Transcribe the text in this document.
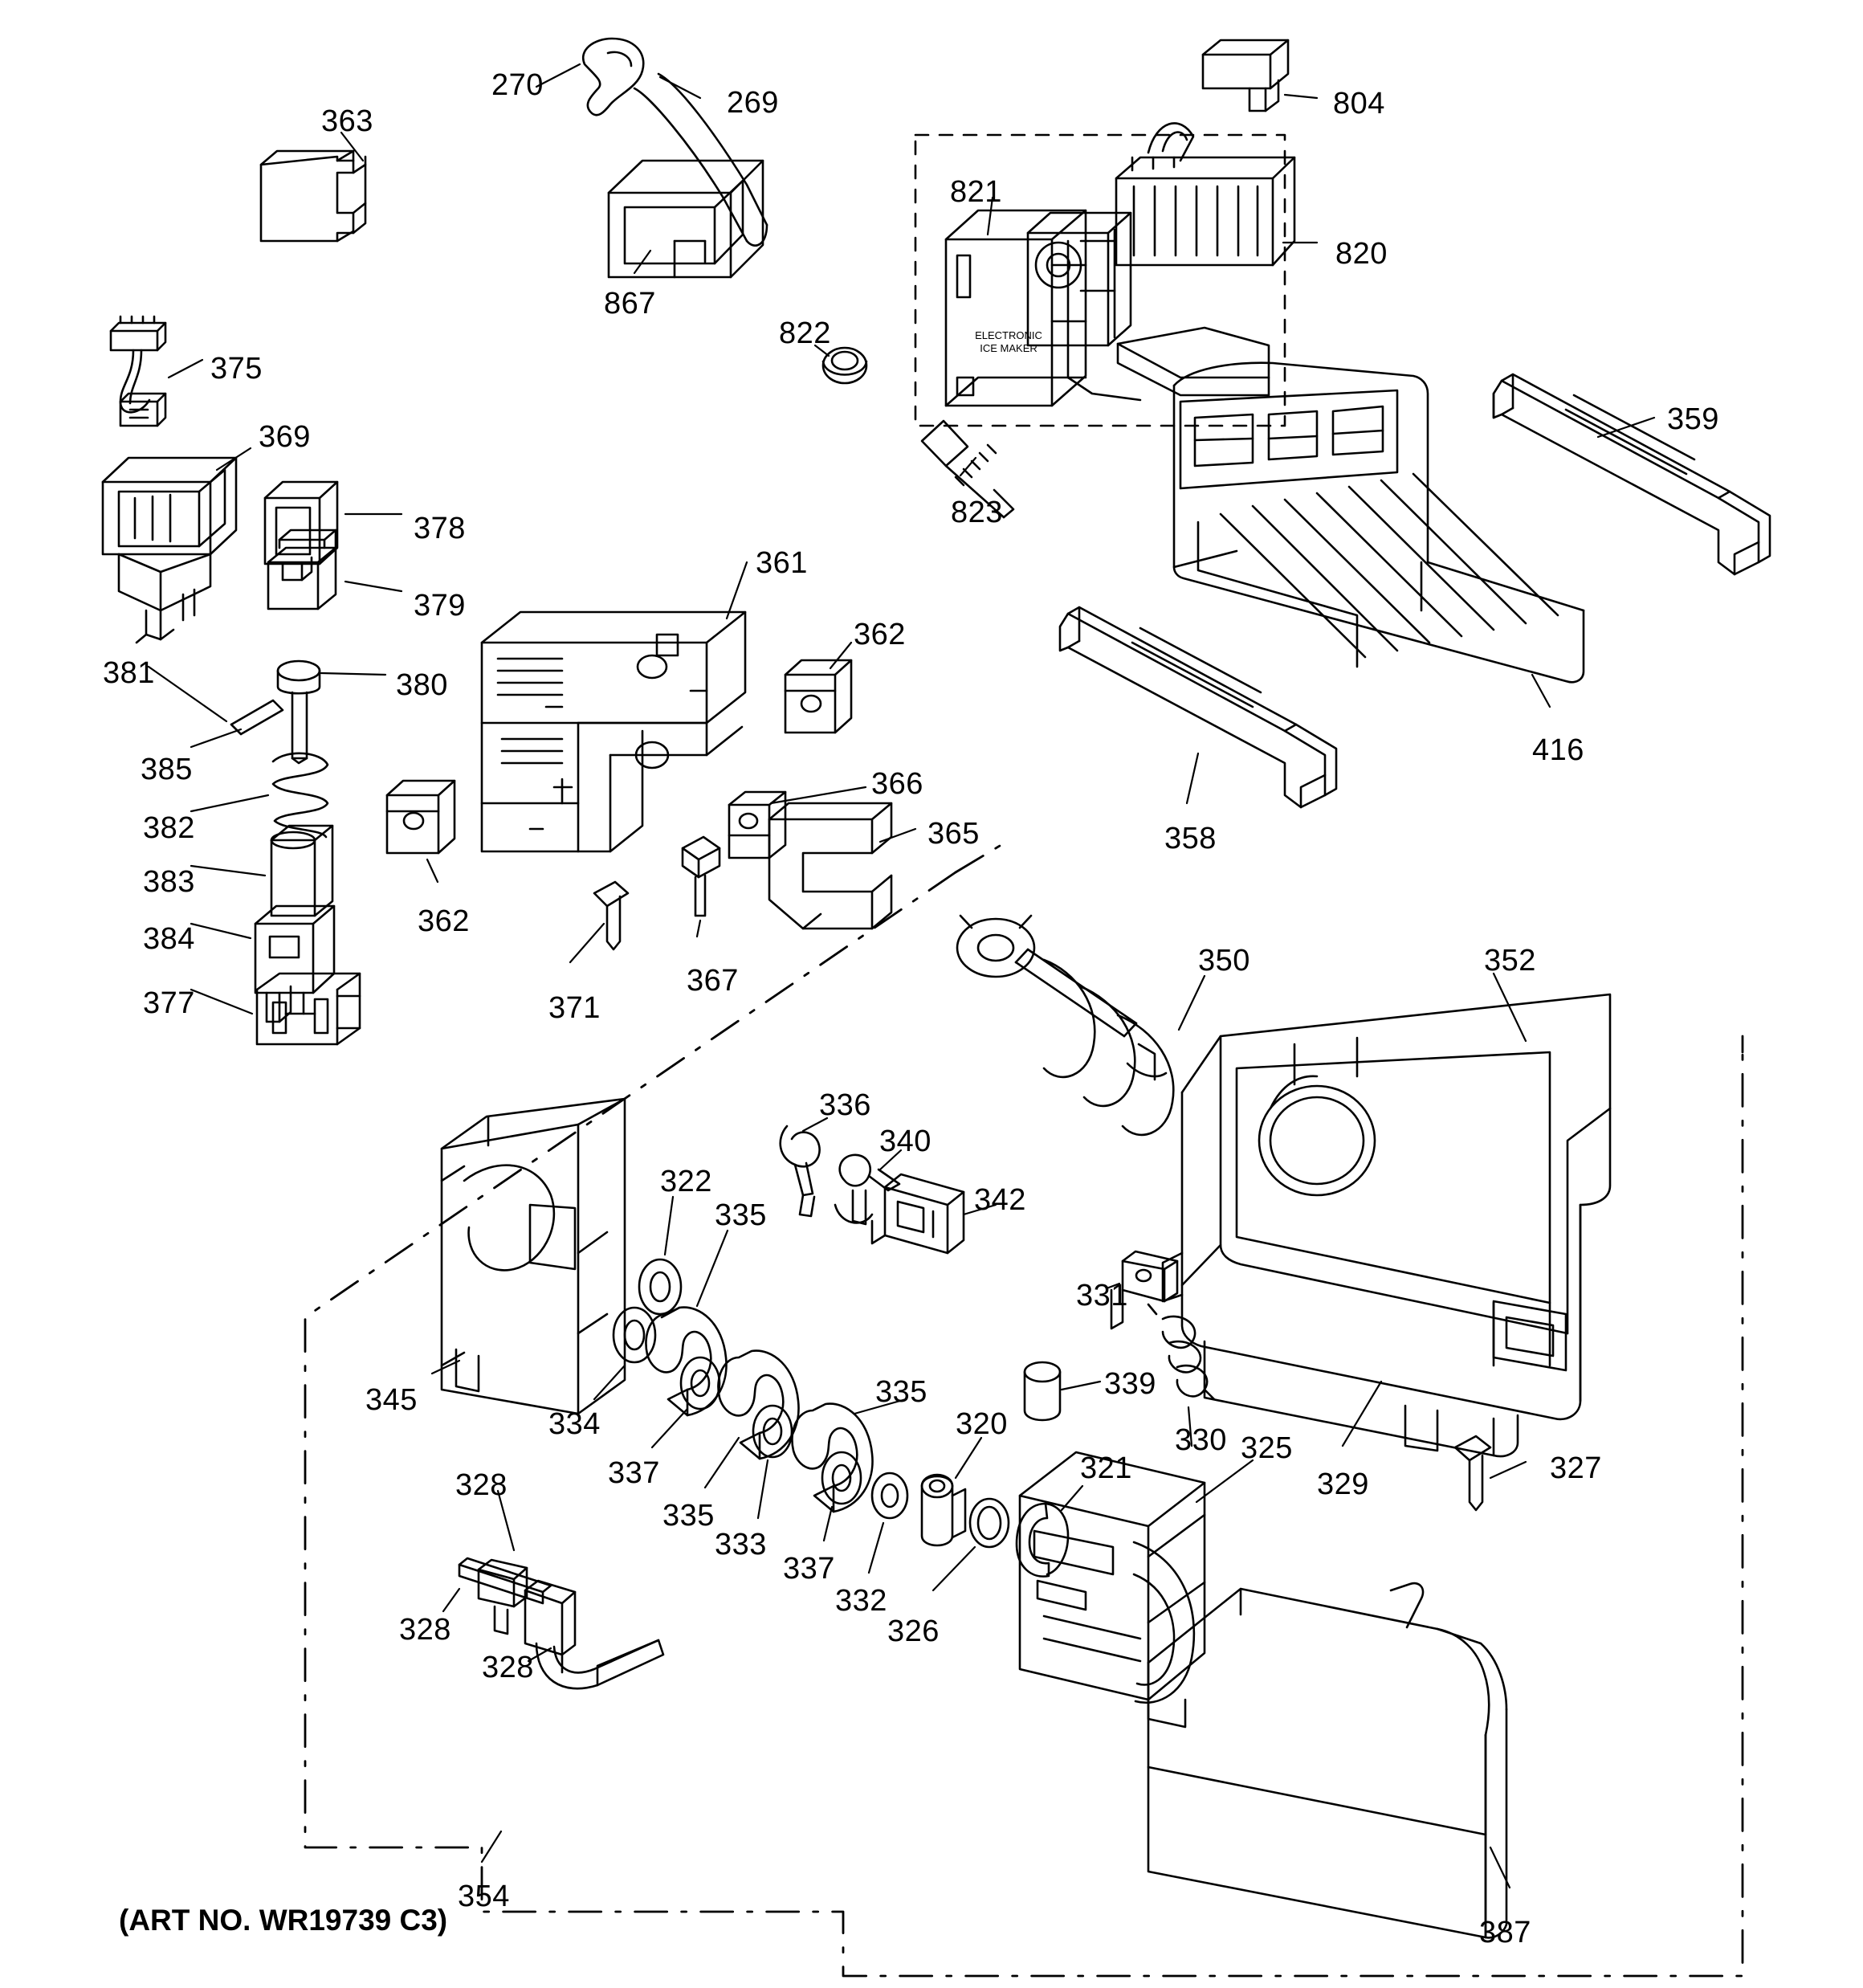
ELECTRONIC
ICE MAKER
(ART NO. WR19739 C3)
363
270
269	804
821
820
867
822
375
369
823
359
378
379
361
362
381	380
385
382
383
384
377
362
366
365
371
367
416
358
350	352
336
340
342
322
335
331
345
334
337
335
333
337
332
335
320
326
321
339
330 325
329	327
328
328
328
354
387
